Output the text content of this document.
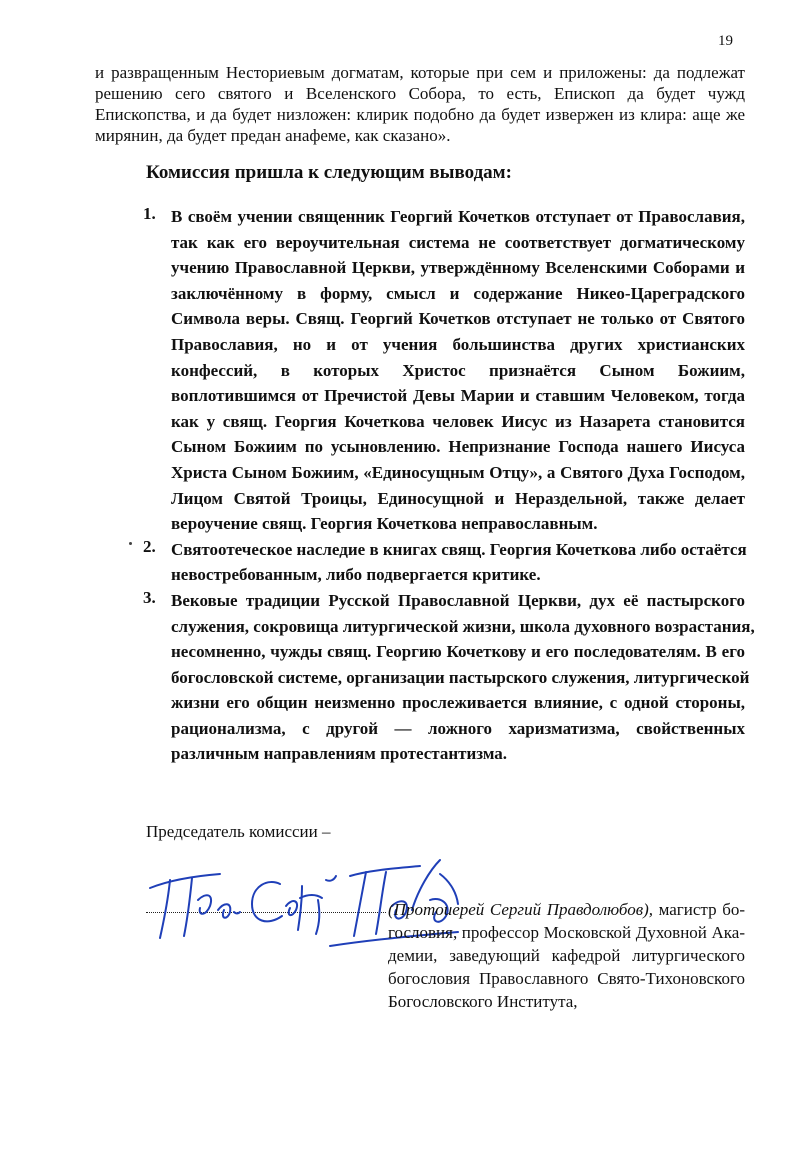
19
и развращенным Несториевым догматам, которые при сем и приложены: да подлежат
решению сего святого и Вселенского Собора, то есть, Епископ да будет чужд
Епископства, и да будет низложен: клирик подобно да будет извержен из клира: аще же
мирянин, да будет предан анафеме, как сказано».
Комиссия пришла к следующим выводам:
1. В своём учении священник Георгий Кочетков отступает от Православия,
так как его вероучительная система не соответствует догматическому
учению Православной Церкви, утверждённому Вселенскими Соборами и
заключённому в форму, смысл и содержание Никео-Цареградского
Символа веры. Свящ. Георгий Кочетков отступает не только от Святого
Православия, но и от учения большинства других христианских
конфессий, в которых Христос признаётся Сыном Божиим,
воплотившимся от Пречистой Девы Марии и ставшим Человеком, тогда
как у свящ. Георгия Кочеткова человек Иисус из Назарета становится
Сыном Божиим по усыновлению. Непризнание Господа нашего Иисуса
Христа Сыном Божиим, «Единосущным Отцу», а Святого Духа Господом,
Лицом Святой Троицы, Единосущной и Нераздельной, также делает
вероучение свящ. Георгия Кочеткова неправославным.
2. Святоотеческое наследие в книгах свящ. Георгия Кочеткова либо остаётся
невостребованным, либо подвергается критике.
3. Вековые традиции Русской Православной Церкви, дух её пастырского
служения, сокровища литургической жизни, школа духовного возрастания,
несомненно, чужды свящ. Георгию Кочеткову и его последователям. В его
богословской системе, организации пастырского служения, литургической
жизни его общин неизменно прослеживается влияние, с одной стороны,
рационализма, с другой — ложного харизматизма, свойственных
различным направлениям протестантизма.
Председатель комиссии –
(Протоиерей Сергий Правдолюбов), магистр бо-
гословия, профессор Московской Духовной Ака-
демии, заведующий кафедрой литургического
богословия Православного Свято-Тихоновского
Богословского Института,
